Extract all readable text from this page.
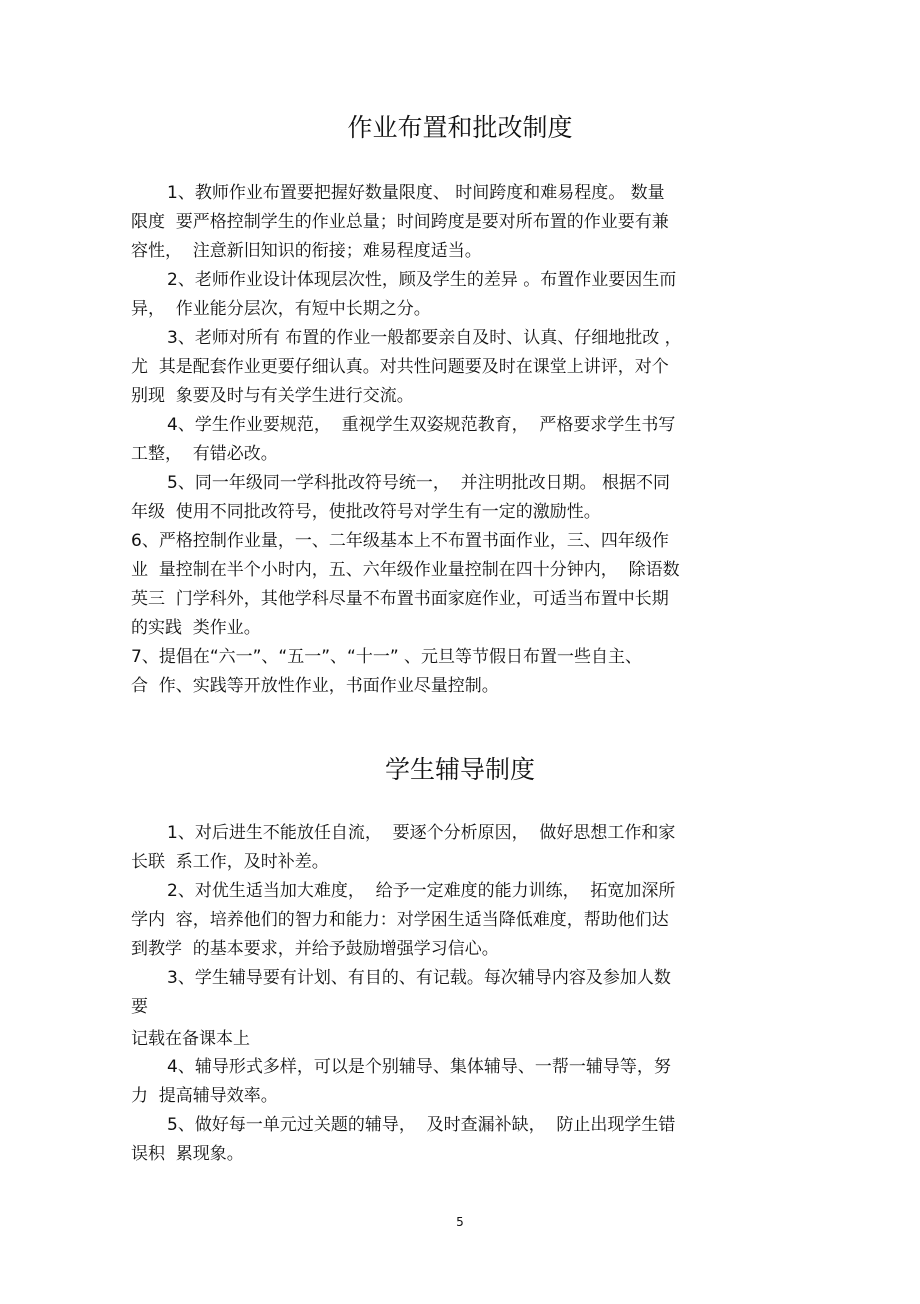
作业布置和批改制度

1、教师作业布置要把握好数量限度、 时间跨度和难易程度。 数量

限度  要严格控制学生的作业总量；时间跨度是要对所布置的作业要有兼

容性，  注意新旧知识的衔接；难易程度适当。

2、老师作业设计体现层次性，顾及学生的差异 。布置作业要因生而

异，  作业能分层次，有短中长期之分。

3、老师对所有 布置的作业一般都要亲自及时、认真、仔细地批改 ，

尤  其是配套作业更要仔细认真。对共性问题要及时在课堂上讲评，对个

别现  象要及时与有关学生进行交流。

4、学生作业要规范，  重视学生双姿规范教育，  严格要求学生书写

工整，  有错必改。

5、同一年级同一学科批改符号统一，  并注明批改日期。 根据不同

年级  使用不同批改符号，使批改符号对学生有一定的激励性。

6、严格控制作业量，一、二年级基本上不布置书面作业，三、四年级作

业  量控制在半个小时内，五、六年级作业量控制在四十分钟内，  除语数

英三  门学科外，其他学科尽量不布置书面家庭作业，可适当布置中长期

的实践  类作业。

7、提倡在“六一”、“五一”、“十一” 、元旦等节假日布置一些自主、

合  作、实践等开放性作业，书面作业尽量控制。

学生辅导制度

1、对后进生不能放任自流，  要逐个分析原因，  做好思想工作和家

长联  系工作，及时补差。

2、对优生适当加大难度，  给予一定难度的能力训练，  拓宽加深所

学内  容，培养他们的智力和能力：对学困生适当降低难度，帮助他们达

到教学  的基本要求，并给予鼓励增强学习信心。

3、学生辅导要有计划、有目的、有记载。每次辅导内容及参加人数

要

记载在备课本上

4、辅导形式多样，可以是个别辅导、集体辅导、一帮一辅导等，努

力  提高辅导效率。

5、做好每一单元过关题的辅导，  及时查漏补缺，  防止出现学生错

误积  累现象。

5
